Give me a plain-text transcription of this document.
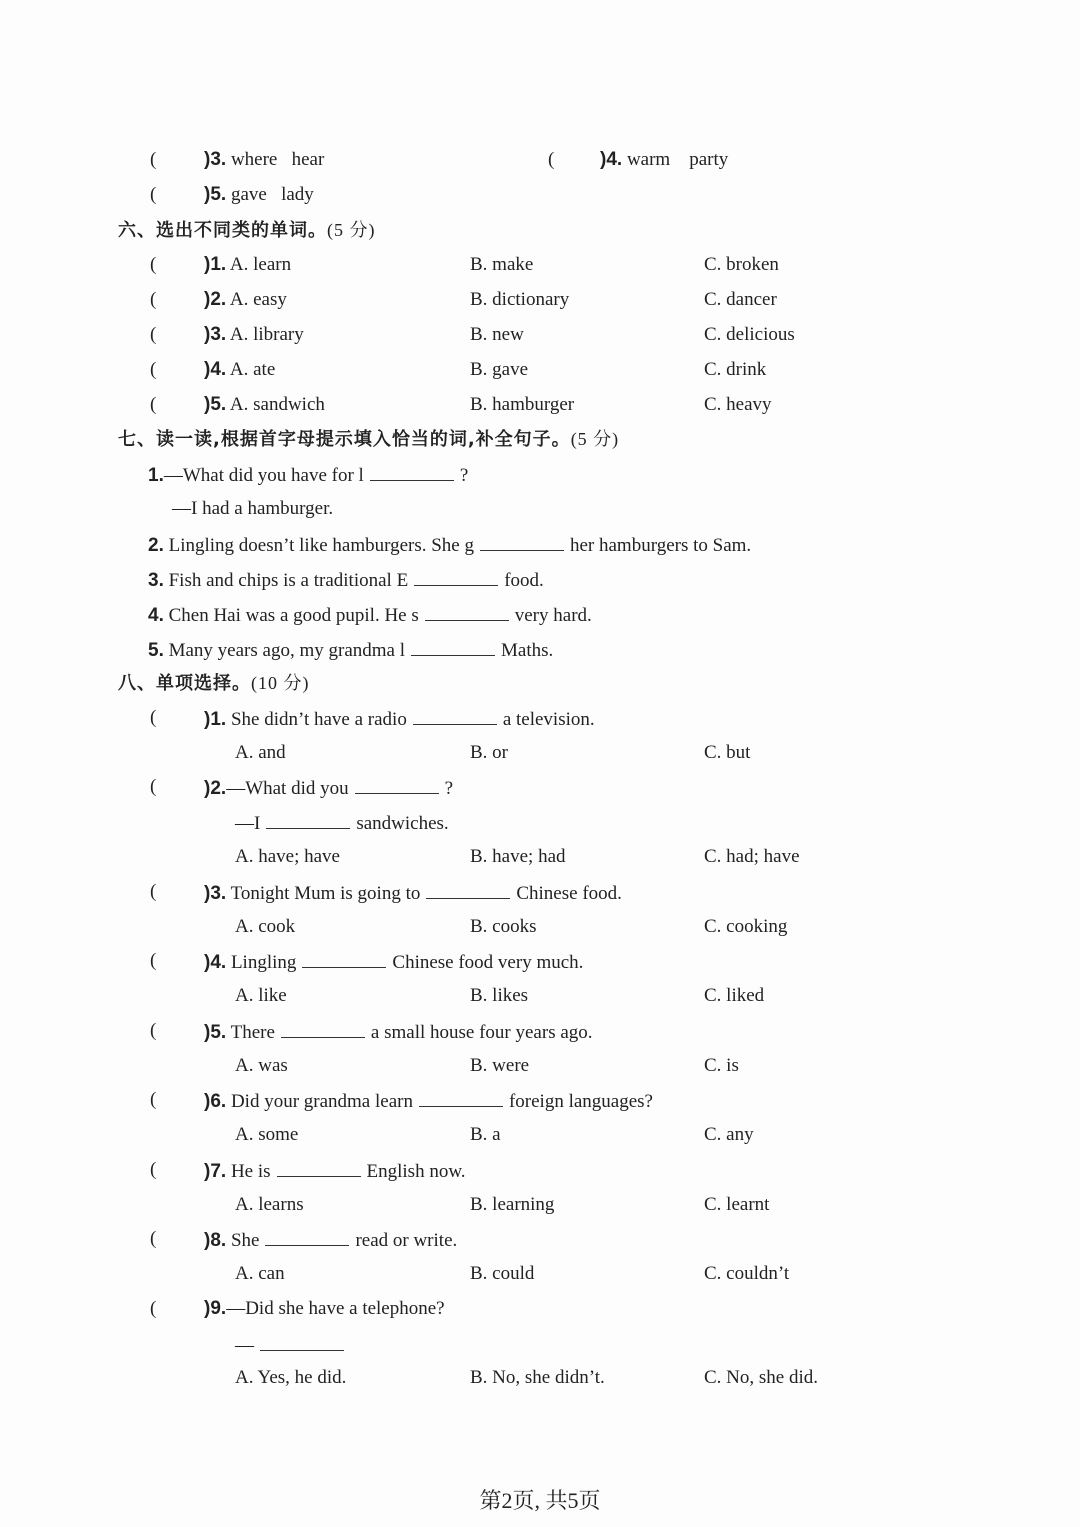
(	)3. where hear	( )4. warm party
(	)5. gave lady
六、选出不同类的单词。(5 分)
(	)1. A. learn	B. make	C. broken
(	)2. A. easy	B. dictionary	C. dancer
(	)3. A. library	B. new	C. delicious
(	)4. A. ate	B. gave	C. drink
(	)5. A. sandwich	B. hamburger	C. heavy
七、读一读,根据首字母提示填入恰当的词,补全句子。(5 分)
1.—What did you have for l	?
—I had a hamburger.
2. Lingling doesn’t like hamburgers. She g	her hamburgers to Sam.
3. Fish and chips is a traditional E	food.
4. Chen Hai was a good pupil. He s	very hard.
5. Many years ago, my grandma l	Maths.
八、单项选择。(10 分)
(	)1. She didn’t have a radio	a television.
A. and	B. or	C. but
(	)2.—What did you	?
—I	sandwiches.
A. have; have	B. have; had	C. had; have
(	)3. Tonight Mum is going to	Chinese food.
A. cook	B. cooks	C. cooking
(	)4. Lingling	Chinese food very much.
A. like	B. likes	C. liked
(	)5. There	a small house four years ago.
A. was	B. were	C. is
(	)6. Did your grandma learn	foreign languages?
A. some	B. a	C. any
(	)7. He is	English now.
A. learns	B. learning	C. learnt
(	)8. She	read or write.
A. can	B. could	C. couldn’t
(	)9.—Did she have a telephone?
—
A. Yes, he did.	B. No, she didn’t.	C. No, she did.
第2页, 共5页
